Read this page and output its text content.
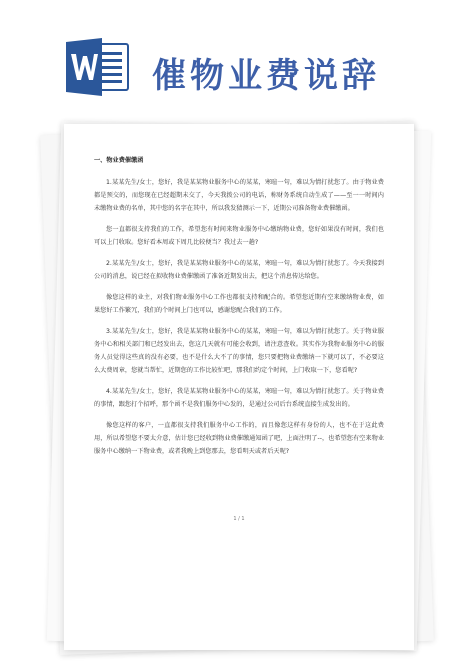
催物业费说辞
一、物业费催缴函

1.某某先生/女士，您好，我是某某物业服务中心的某某，寒暄一句，难以为情打扰您了。由于物业费都是预交的，而您现在已经超期未交了，今天我拨公司的电话，称财务系统自动生成了——至一一时间内未缴物业费的名单，其中您的名字在其中，所以我发猜测示一下，近期公司准备物业费催缴函。

您一直都很支持我们的工作，希望您有时间来物业服务中心缴纳物业费，您好如果没有时间，我们也可以上门收取。您好看本周或下周几比较便当？我过去一趟?

2.某某先生/女士，您好，我是某某物业服务中心的某某，寒暄一句，难以为情打扰您了。今天我接到公司的消息，说已经在拟收物业费催缴函了准备近期发出去，把这个消息传达给您。

像您这样的业主，对我们物业服务中心工作也都很支持和配合的。希望您近期有空来缴纳物业费，如果您好工作繁冗，我们的个时间上门也可以，感谢您配合我们的工作。

3.某某先生/女士，您好，我是某某物业服务中心的某某，寒暄一句，难以为情打扰您了。关于物业服务中心和相关部门和已经发出去，您这几天就有可能会收到，请注意查收。其实作为我物业服务中心的服务人员觉得这些真的没有必要，也不是什么大不了的事情，您只要把物业费缴纳一下就可以了，不必要这么大费周章，您就当帮忙，近期您的工作比较忙吧，那我们约定个时间，上门收取一下，您看呢?

4.某某先生/女士，您好，我是某某物业服务中心的某某，寒暄一句，难以为情打扰您了。关于物业费的事情，跟您打个招呼，那个函不是我们服务中心发的，是通过公司后台系统直接生成发出的。

像您这样的客户，一直都很支持我们服务中心工作的，而且像您这样有身份的人，也不在于这此费用，所以希望您不要太介意，估计您已经收到物业费催缴通知函了吧，上面注明了--，也希望您有空来物业服务中心缴纳一下物业费，或者我晚上到您那去，您看明天或者后天呢?

1 / 1
